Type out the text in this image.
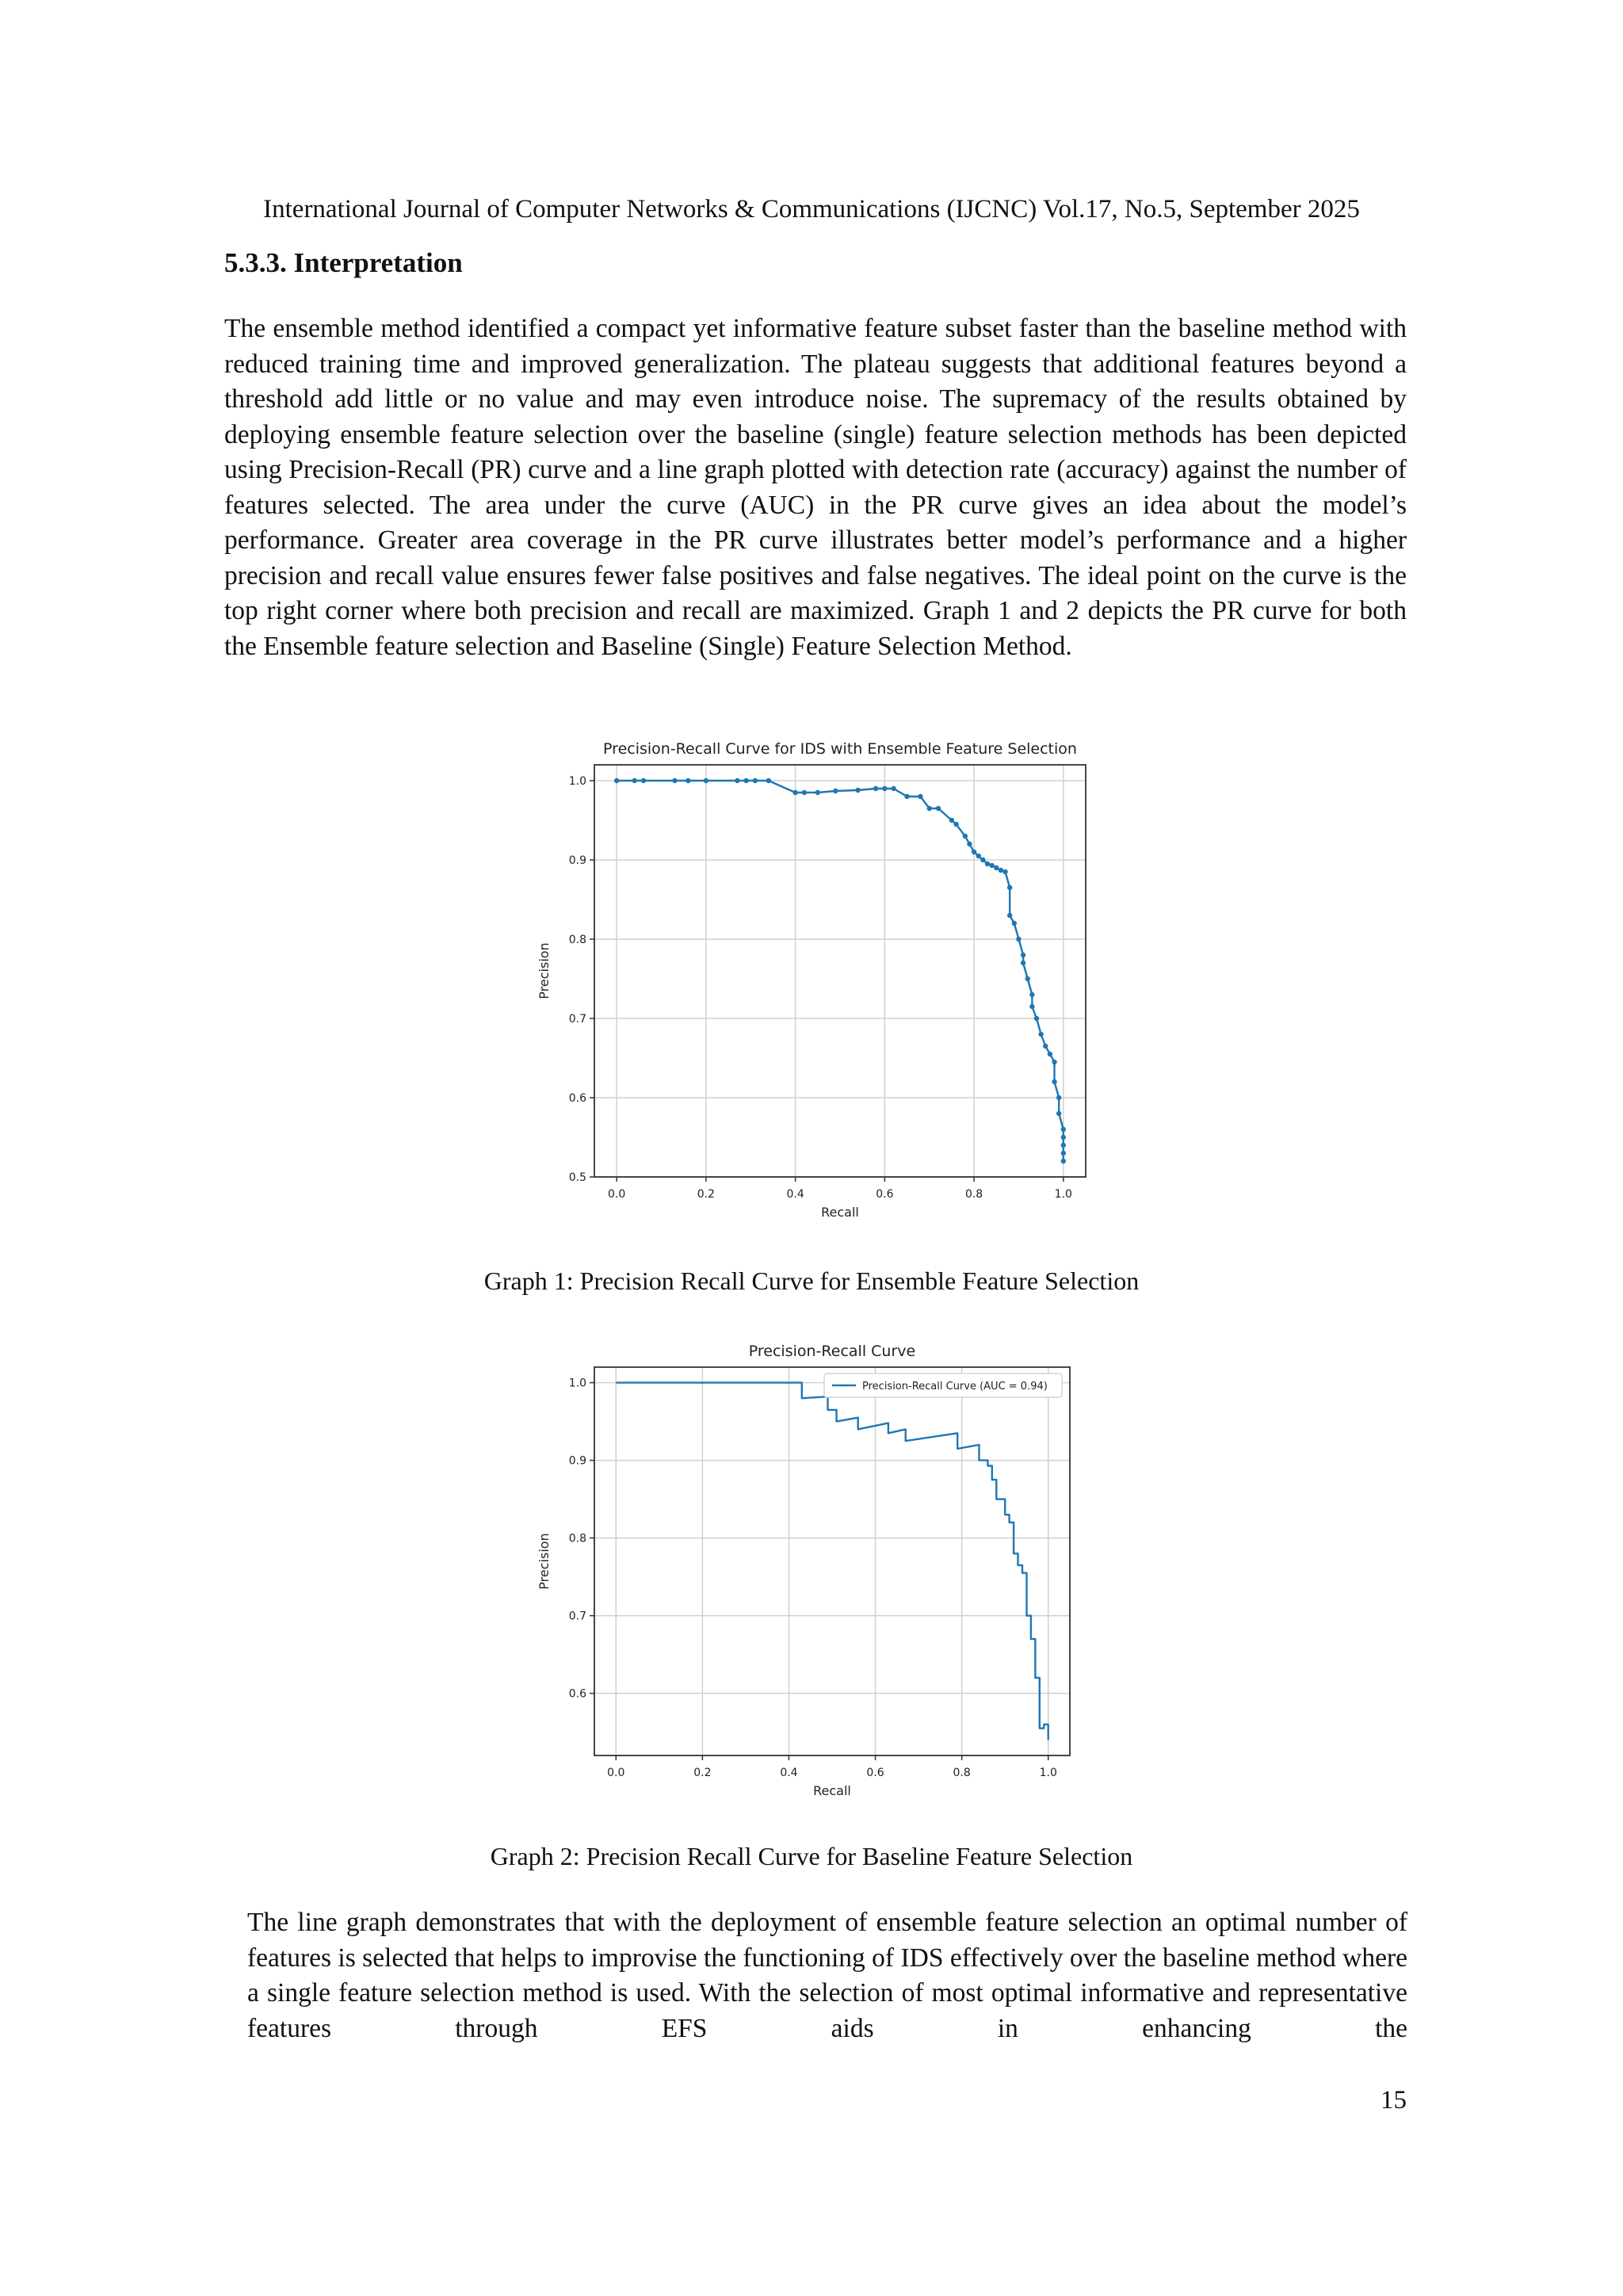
International Journal of Computer Networks & Communications (IJCNC) Vol.17, No.5, September 2025
5.3.3. Interpretation
The ensemble method identified a compact yet informative feature subset faster than the baseline method with reduced training time and improved generalization. The plateau suggests that additional features beyond a threshold add little or no value and may even introduce noise. The supremacy of the results obtained by deploying ensemble feature selection over the baseline (single) feature selection methods has been depicted using Precision-Recall (PR) curve and a line graph plotted with detection rate (accuracy) against the number of features selected. The area under the curve (AUC) in the PR curve gives an idea about the model’s performance. Greater area coverage in the PR curve illustrates better model’s performance and a higher precision and recall value ensures fewer false positives and false negatives. The ideal point on the curve is the top right corner where both precision and recall are maximized. Graph 1 and 2 depicts the PR curve for both the Ensemble feature selection and Baseline (Single) Feature Selection Method.
Precision-Recall Curve for IDS with Ensemble Feature Selection
0.0	0.2	0.4	0.6	0.8	1.0
0.5
0.6
0.7
0.8
0.9
1.0
Recall
Precision
Graph 1: Precision Recall Curve for Ensemble Feature Selection
Precision-Recall Curve
0.0	0.2	0.4	0.6	0.8	1.0
0.6
0.7
0.8
0.9
1.0
Recall
Precision
Precision-Recall Curve (AUC = 0.94)
Graph 2: Precision Recall Curve for Baseline Feature Selection
The line graph demonstrates that with the deployment of ensemble feature selection an optimal number of features is selected that helps to improvise the functioning of IDS effectively over the baseline method where a single feature selection method is used. With the selection of most optimal informative and representative features through EFS aids in enhancing the
15
